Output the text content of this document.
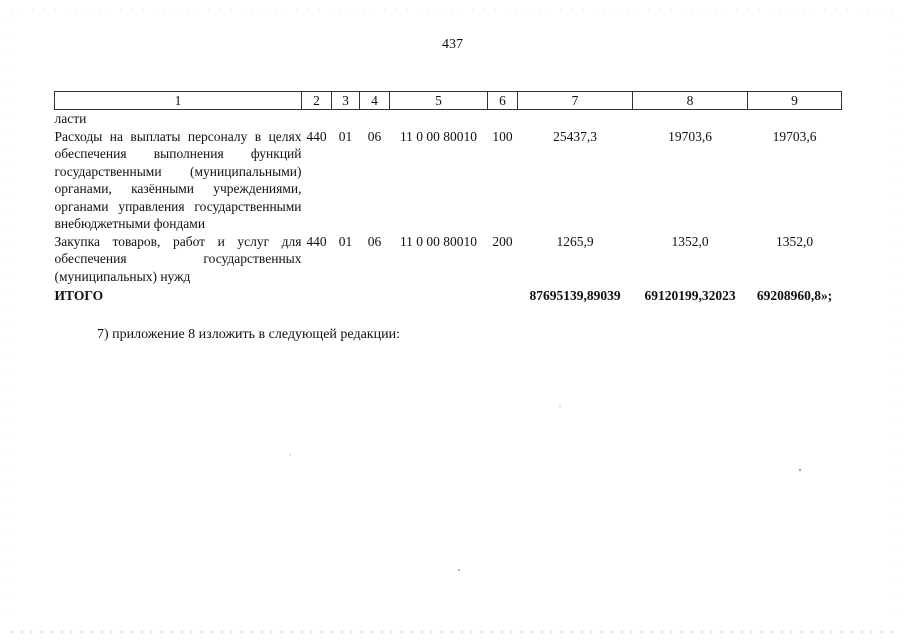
437
1	2	3	4	5	6	7	8	9
ласти								
Расходы на выплаты персоналу в целях обеспечения выполнения функций государственными (муниципальными) органами, казёнными учреждениями, органами управления государственными внебюджетными фондами	440	01	06	11 0 00 80010	100	25437,3	19703,6	19703,6
Закупка товаров, работ и услуг для обеспечения государственных (муниципальных) нужд	440	01	06	11 0 00 80010	200	1265,9	1352,0	1352,0
ИТОГО						87695139,89039	69120199,32023	69208960,8»;
7) приложение 8 изложить в следующей редакции:
